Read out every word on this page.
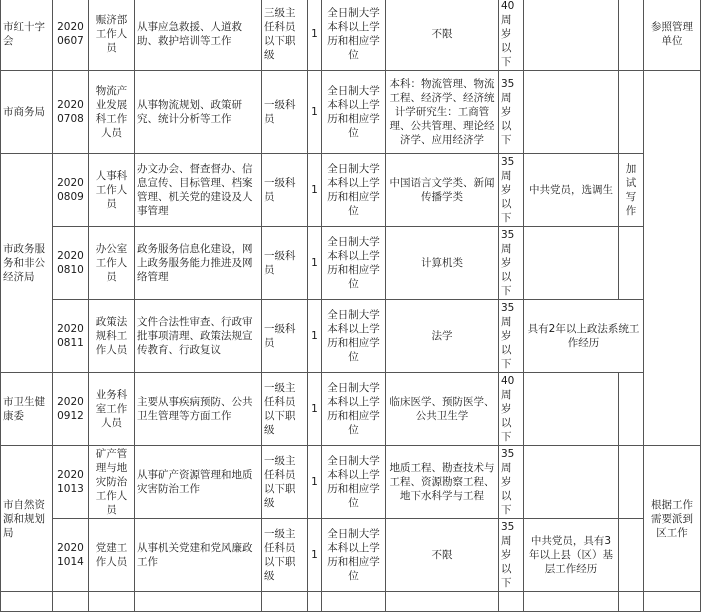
市红十字会	20200607	赈济部工作人员	从事应急救援、人道救助、救护培训等工作	三级主任科员以下职级	1	全日制大学本科以上学历和相应学位	不限	40周岁以下			参照管理单位
市商务局	20200708	物流产业发展科工作人员	从事物流规划、政策研究、统计分析等工作	一级科员	1	全日制大学本科以上学历和相应学位	本科：物流管理、物流工程、经济学、经济统计学研究生：工商管理、公共管理、理论经济学、应用经济学	35周岁以下			
市政务服务和非公经济局	20200809	人事科工作人员	办文办会、督查督办、信息宣传、目标管理、档案管理、机关党的建设及人事管理	一级科员	1	全日制大学本科以上学历和相应学位	中国语言文学类、新闻传播学类	35周岁以下	中共党员，选调生	加试写作	
	20200810	办公室工作人员	政务服务信息化建设，网上政务服务能力推进及网络管理	一级科员	1	全日制大学本科以上学历和相应学位	计算机类	35周岁以下			
	20200811	政策法规科工作人员	文件合法性审查、行政审批事项清理、政策法规宣传教育、行政复议	一级科员	1	全日制大学本科以上学历和相应学位	法学	35周岁以下	具有2年以上政法系统工作经历		
市卫生健康委	20200912	业务科室工作人员	主要从事疾病预防、公共卫生管理等方面工作	一级主任科员以下职级	1	全日制大学本科以上学历和相应学位	临床医学、预防医学、公共卫生学	40周岁以下			
市自然资源和规划局	20201013	矿产管理与地灾防治工作人员	从事矿产资源管理和地质灾害防治工作	一级主任科员以下职级	1	全日制大学本科以上学历和相应学位	地质工程、勘查技术与工程、资源勘察工程、地下水科学与工程	35周岁以下			根据工作需要派到区工作
	20201014	党建工作人员	从事机关党建和党风廉政工作	一级主任科员以下职级	1	全日制大学本科以上学历和相应学位	不限	35周岁以下	中共党员，具有3年以上县（区）基层工作经历		
